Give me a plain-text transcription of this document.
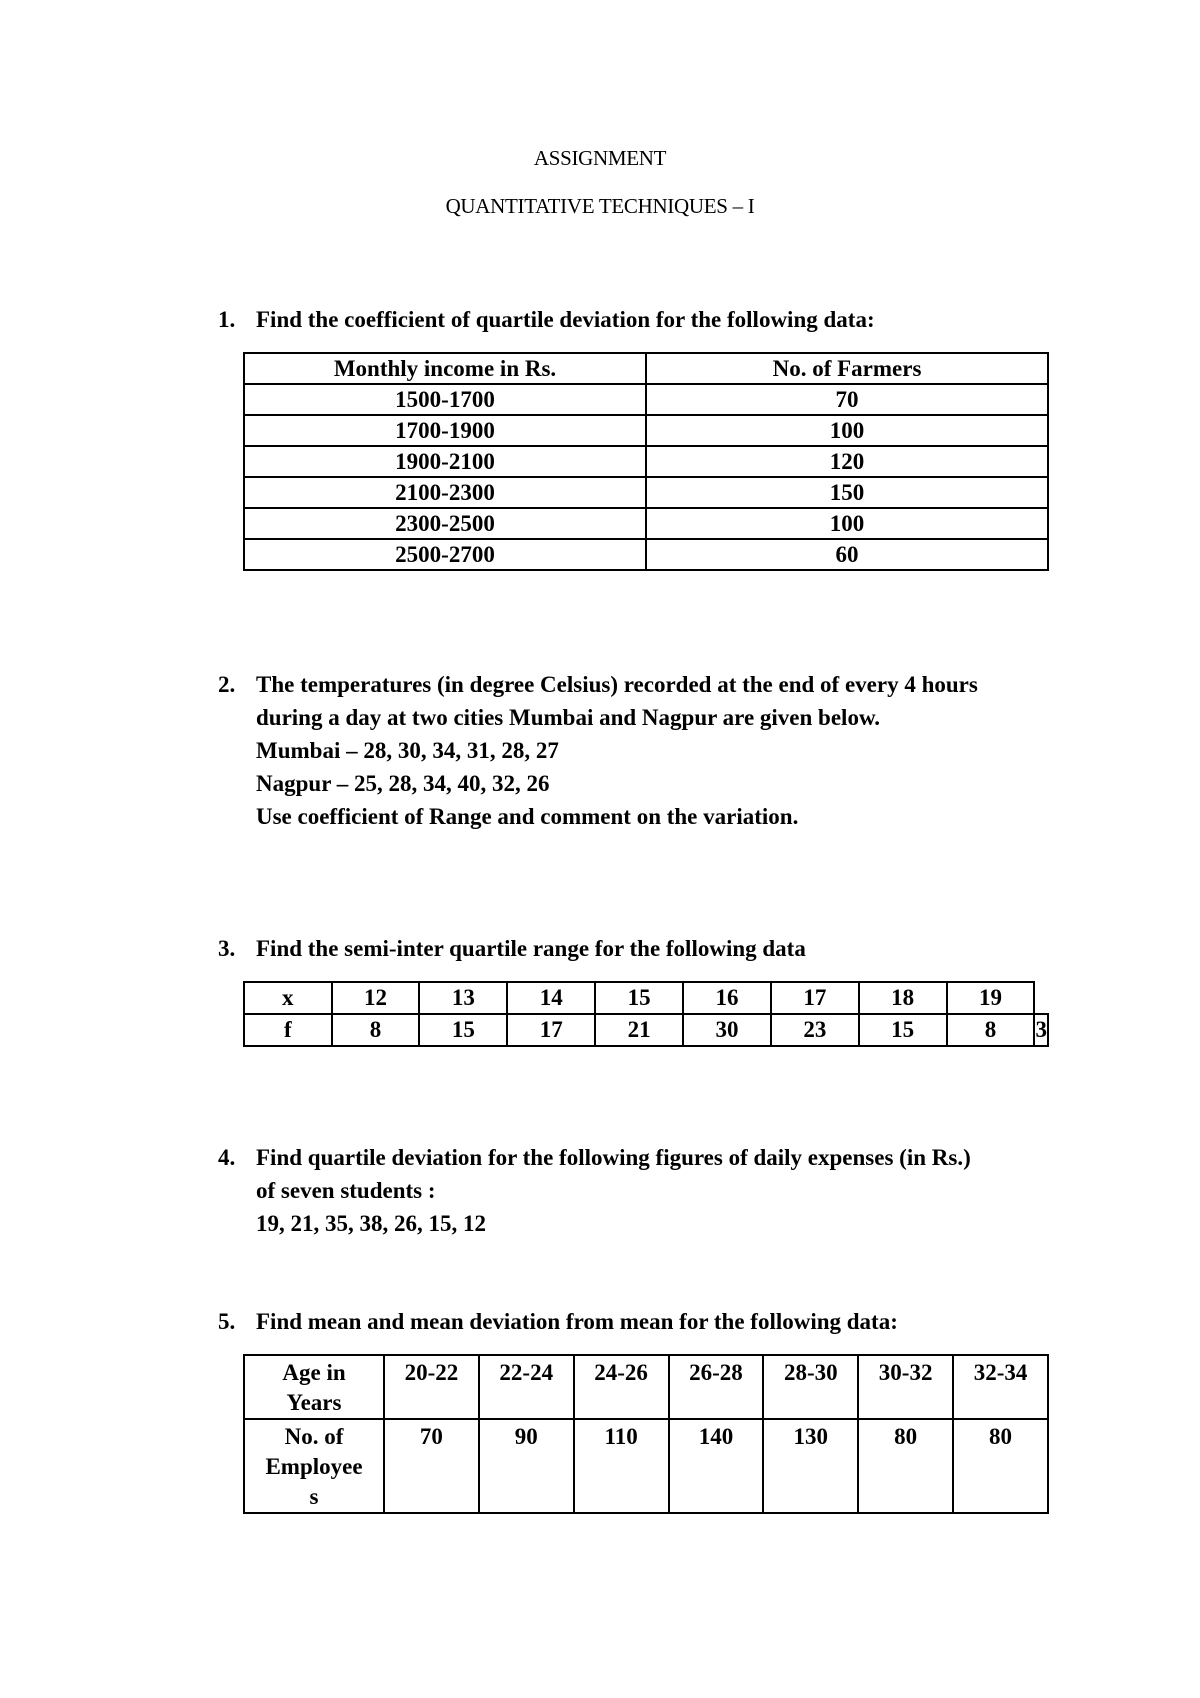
ASSIGNMENT
QUANTITATIVE TECHNIQUES – I
1. Find the coefficient of quartile deviation for the following data:
Monthly income in Rs.	No. of Farmers
1500-1700	70
1700-1900	100
1900-2100	120
2100-2300	150
2300-2500	100
2500-2700	60
2. The temperatures (in degree Celsius) recorded at the end of every 4 hours
during a day at two cities Mumbai and Nagpur are given below.
Mumbai – 28, 30, 34, 31, 28, 27
Nagpur – 25, 28, 34, 40, 32, 26
Use coefficient of Range and comment on the variation.
3. Find the semi-inter quartile range for the following data
x	12	13	14	15	16	17	18	19	
f	8	15	17	21	30	23	15	8	3
4. Find quartile deviation for the following figures of daily expenses (in Rs.)
of seven students :
19, 21, 35, 38, 26, 15, 12
5. Find mean and mean deviation from mean for the following data:
Age in
Years	20-22	22-24	24-26	26-28	28-30	30-32	32-34

No. of
Employee
s	70	90	110	140	130	80	80
